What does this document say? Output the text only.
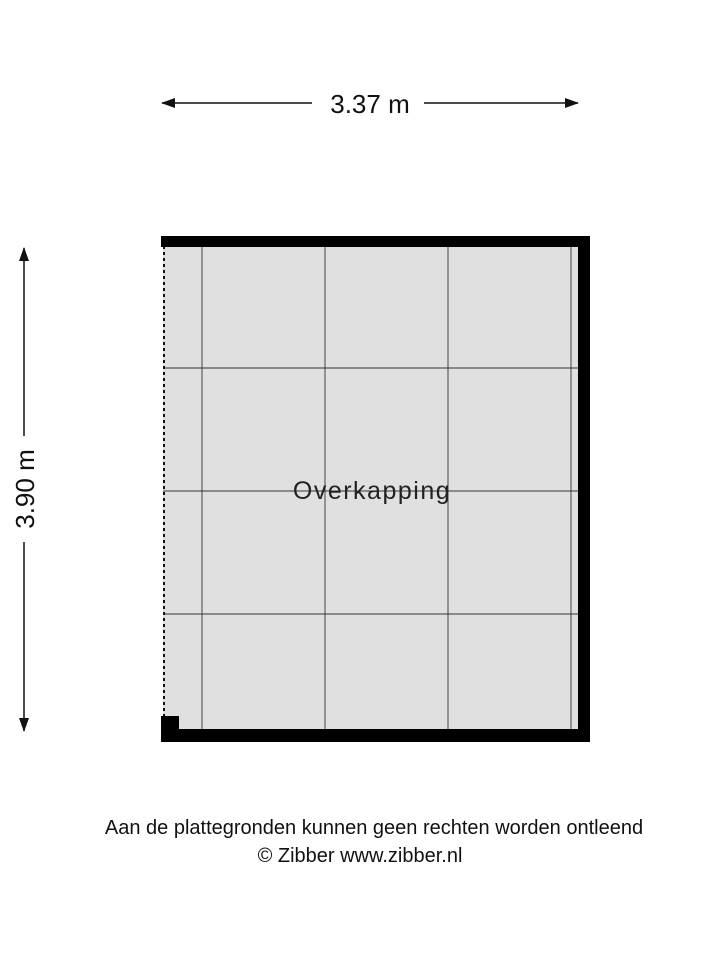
3.37 m
3.90 m	Overkapping
Aan de plattegronden kunnen geen rechten worden ontleend
© Zibber www.zibber.nl
